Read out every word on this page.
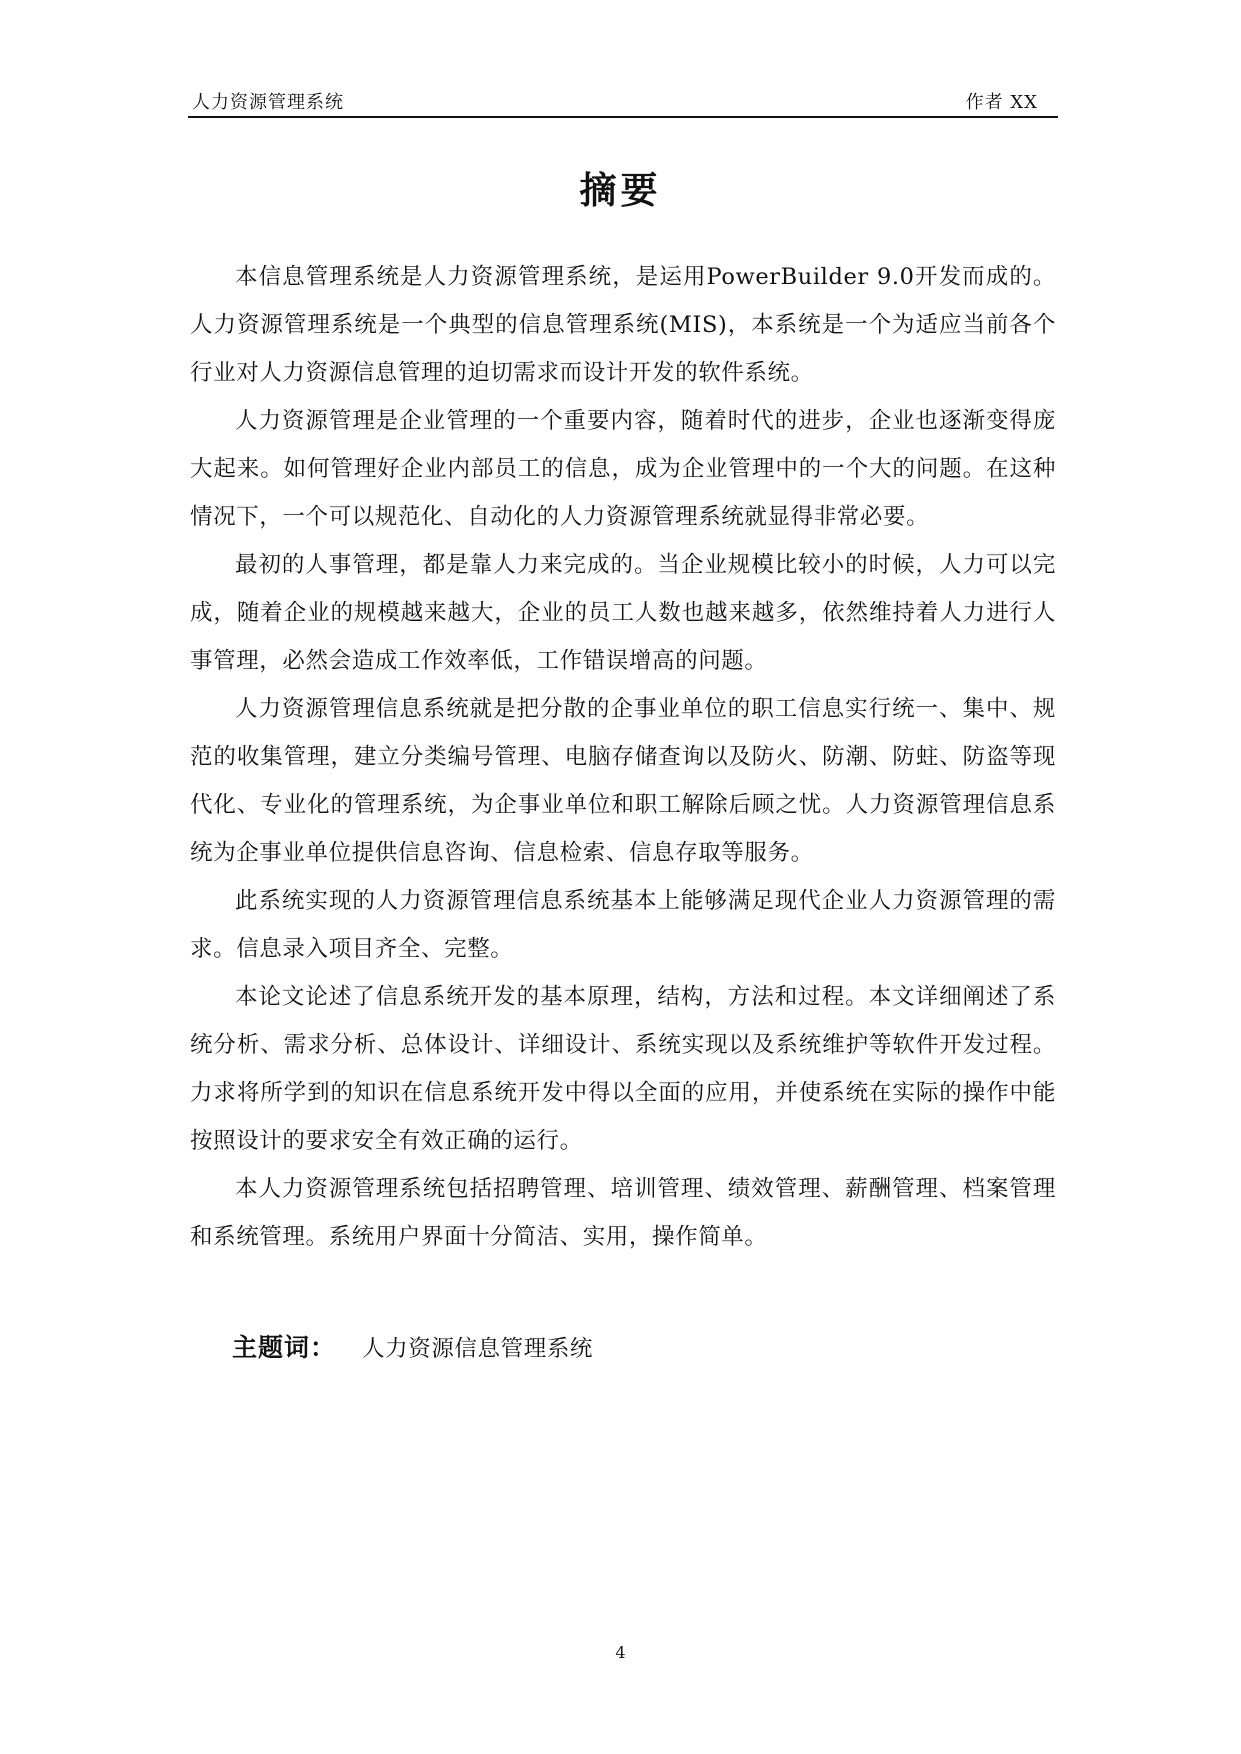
人力资源管理系统	作者 XX
摘要

本信息管理系统是人力资源管理系统，是运用PowerBuilder 9.0开发而成的。人力资源管理系统是一个典型的信息管理系统(MIS)，本系统是一个为适应当前各个行业对人力资源信息管理的迫切需求而设计开发的软件系统。

人力资源管理是企业管理的一个重要内容，随着时代的进步，企业也逐渐变得庞大起来。如何管理好企业内部员工的信息，成为企业管理中的一个大的问题。在这种情况下，一个可以规范化、自动化的人力资源管理系统就显得非常必要。

最初的人事管理，都是靠人力来完成的。当企业规模比较小的时候，人力可以完成，随着企业的规模越来越大，企业的员工人数也越来越多，依然维持着人力进行人事管理，必然会造成工作效率低，工作错误增高的问题。

人力资源管理信息系统就是把分散的企事业单位的职工信息实行统一、集中、规范的收集管理，建立分类编号管理、电脑存储查询以及防火、防潮、防蛀、防盗等现代化、专业化的管理系统，为企事业单位和职工解除后顾之忧。人力资源管理信息系统为企事业单位提供信息咨询、信息检索、信息存取等服务。

此系统实现的人力资源管理信息系统基本上能够满足现代企业人力资源管理的需求。信息录入项目齐全、完整。

本论文论述了信息系统开发的基本原理，结构，方法和过程。本文详细阐述了系统分析、需求分析、总体设计、详细设计、系统实现以及系统维护等软件开发过程。力求将所学到的知识在信息系统开发中得以全面的应用，并使系统在实际的操作中能按照设计的要求安全有效正确的运行。

本人力资源管理系统包括招聘管理、培训管理、绩效管理、薪酬管理、档案管理和系统管理。系统用户界面十分简洁、实用，操作简单。

主题词： 人力资源信息管理系统
4
